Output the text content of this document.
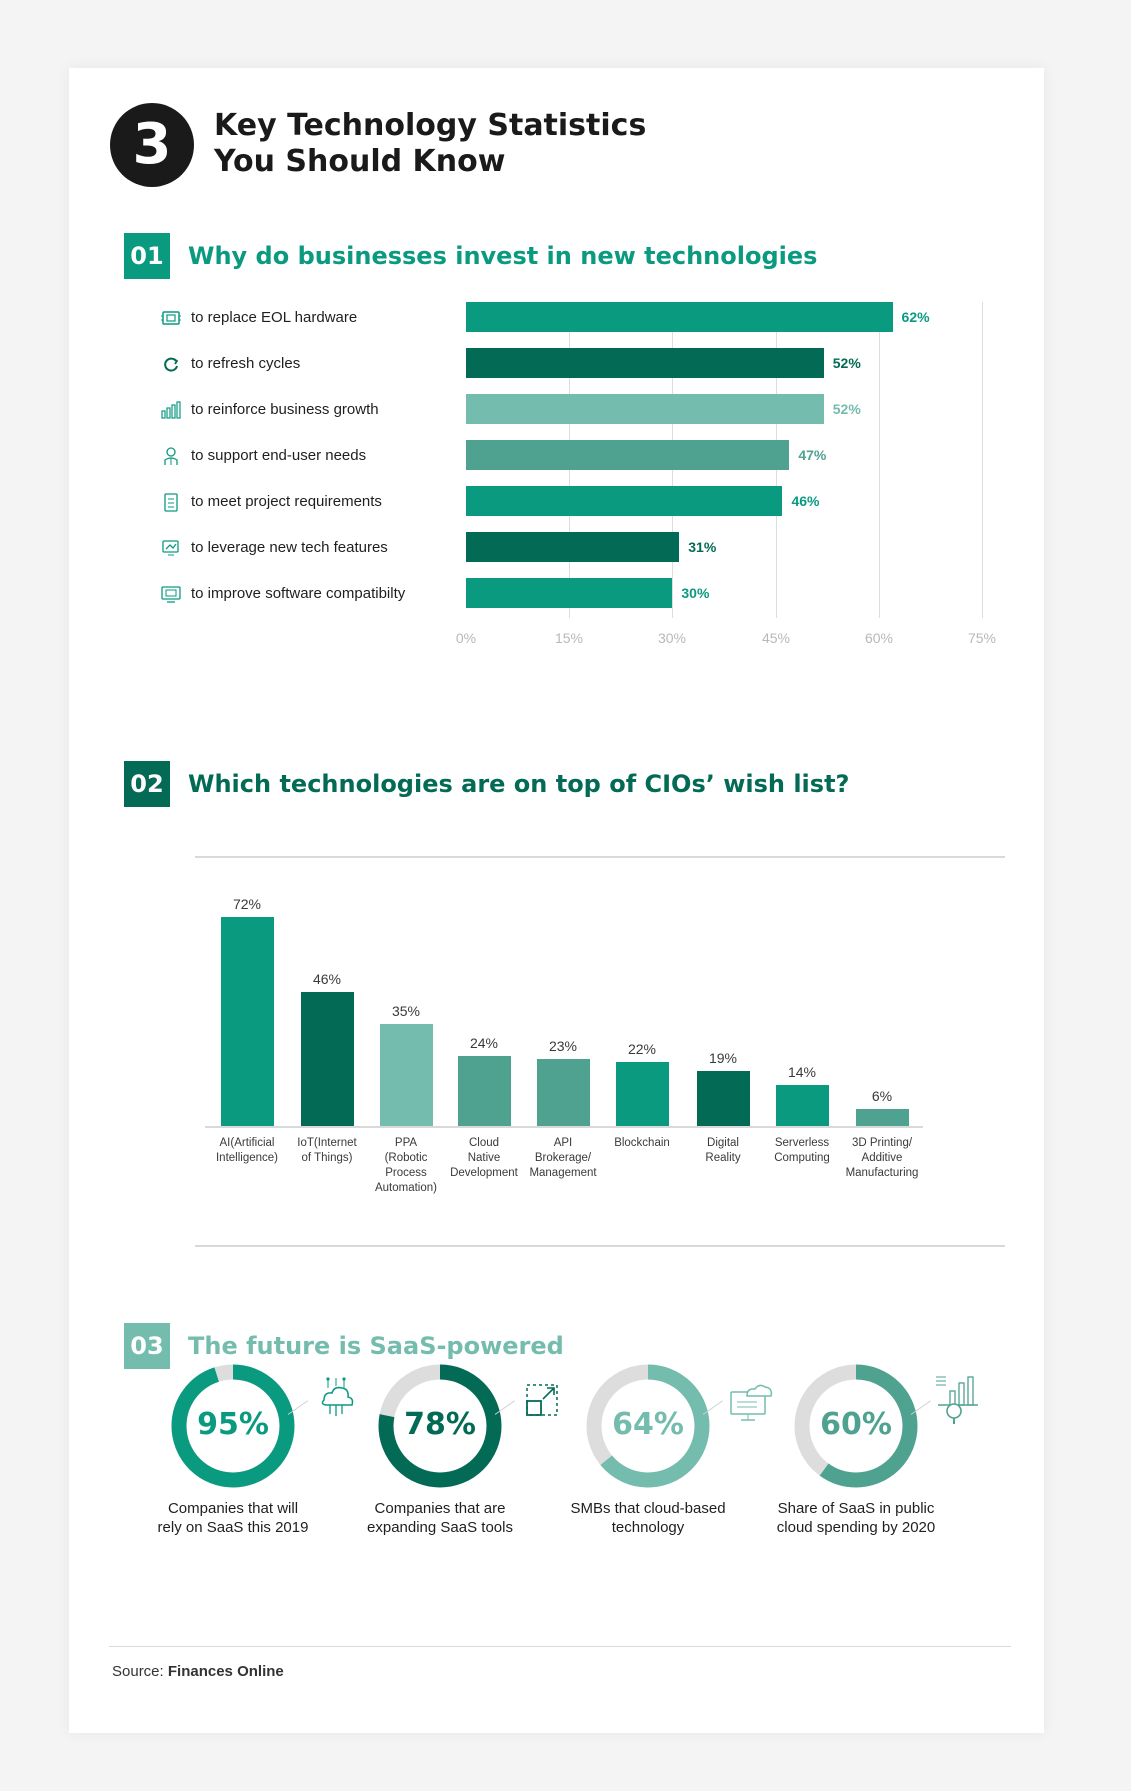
3	Key Technology Statistics
You Should Know
01 Why do businesses invest in new technologies
0%	15%	30%	45%	60%	75%
62%
to replace EOL hardware
52%
to refresh cycles
52%
to reinforce business growth
47%
to support end-user needs
46%
to meet project requirements
31%
to leverage new tech features
30%
to improve software compatibilty
02 Which technologies are on top of CIOs’ wish list?
72%
AI(Artificial
Intelligence)
46%
IoT(Internet
of Things)
35%
PPA
(Robotic
Process
Automation)
24%
Cloud
Native
Development
23%
API
Brokerage/
Management
22%
Blockchain
19%
Digital
Reality
14%
Serverless
Computing
6%
3D Printing/
Additive
Manufacturing
03 The future is SaaS-powered
95%
Companies that will
rely on SaaS this 2019
78%
Companies that are
expanding SaaS tools
64%
SMBs that cloud-based
technology
60%
Share of SaaS in public
cloud spending by 2020
Source: Finances Online
